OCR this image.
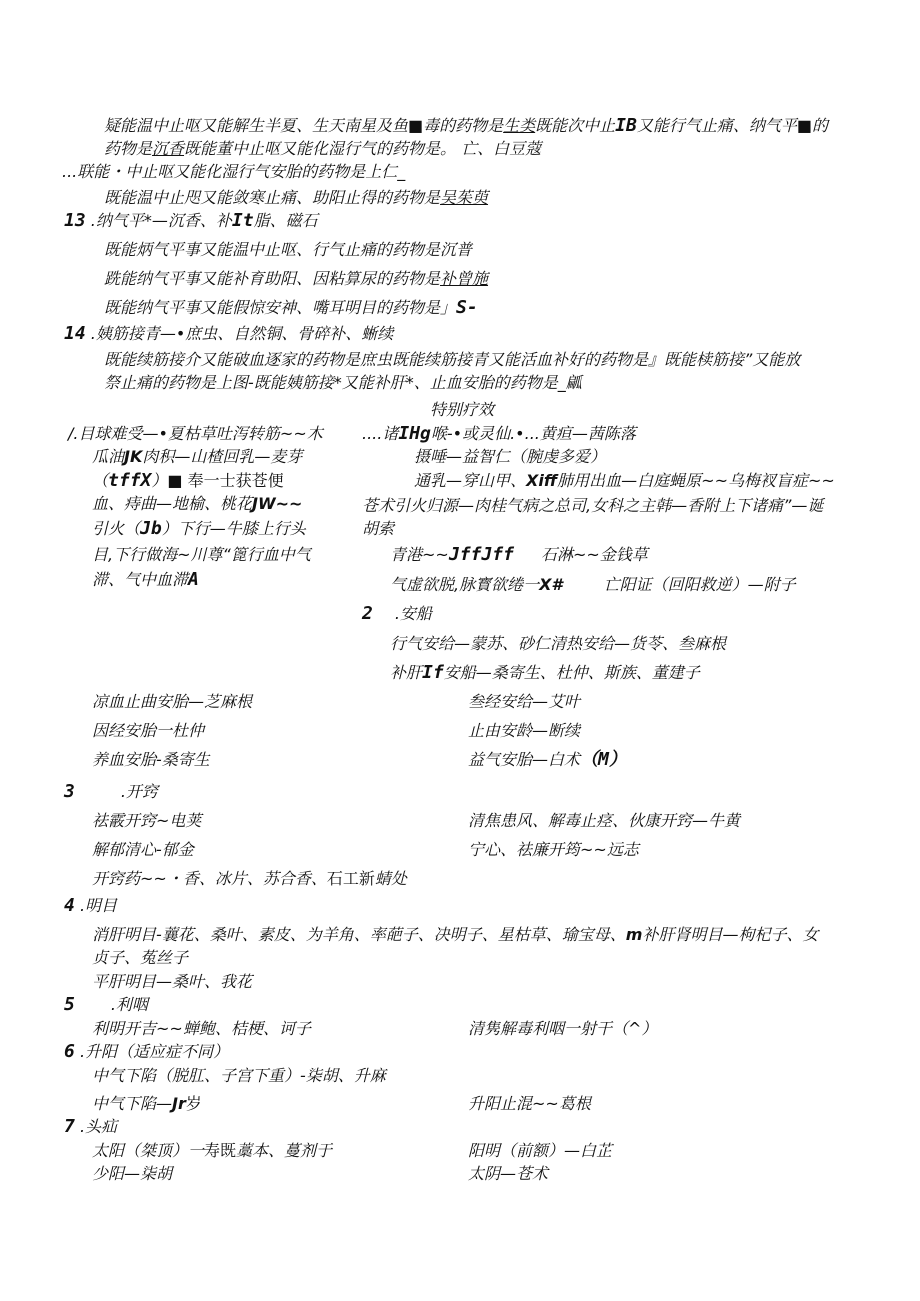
疑能温中止呕又能解生半夏、生天南星及鱼■毒的药物是生类既能次中止IB又能行气止痛、纳气平■的
药物是沉香既能董中止呕又能化湿行气的药物是。 亡、白豆蔻
...联能・中止呕又能化湿行气安胎的药物是上仁_
既能温中止咫又能敛寒止痛、助阳止得的药物是吴茱萸
13 .纳气平*—沉香、补It脂、磁石
既能炳气平事又能温中止呕、行气止痛的药物是沉普
跣能纳气平事又能补育助阳、因粘算尿的药物是补曾施
既能纳气平事又能假惊安神、嘴耳明目的药物是」S-
14 .姨筋接青—•庶虫、自然铜、骨碎补、蜥续
既能续筋接介又能破血逐家的药物是庶虫既能续筋接青又能活血补好的药物是』既能椟筋接”又能放
祭止痛的药物是上图-既能姨筋接*又能补肝*、止血安胎的药物是_㼐
特别疗效
/.目球难受—•夏枯草吐泻转筋~~木
瓜油JK肉积—山楂回乳—麦芽
（tffX）■ 奉一士获苍便
血、痔曲—地榆、桃花JW~~
引火（Jb）下行—牛膝上行头
目,下行做海~川尊“篦行血中气
滞、气中血滞A
....诸IHg喉-•或灵仙.•...黄疸—茜陈落
摄唾—益智仁（腕虔多爱）
通乳—穿山甲、Xiff肺用出血—白庭蝇原~~乌梅衩盲症~~
苍术引火归源—肉桂气病之总司,女科之主韩—香附上下诸痛”—诞
胡索
青港~~JffJff 石淋~~金钱草
气虚欲脱,脉寳欲绻一X#	亡阳证（回阳救逆）—附子
2 .安船
行气安给—蒙苏、砂仁清热安给—货苓、叁麻根
补肝If安船—桑寄生、杜仲、斯族、董建子
凉血止曲安胎—芝麻根	叁经安给—艾叶
因经安胎一杜仲	止由安龄—断续
养血安胎-桑寄生	益气安胎—白术（M）
3	.开窍
祛霰开窍~电荚	清焦患风、解毒止痉、伙康开窍—牛黄
解郁清心-郁金	宁心、祛廉开筠~~远志
开窍药~~・香、冰片、苏合香、石工新蜻处
4 .明目
消肝明目-蘘花、桑叶、素皮、为羊角、率葩子、决明子、星枯草、瑜宝母、m补肝肾明目—枸杞子、女
贞子、菟丝子
平肝明目—桑叶、我花
5 .利咽
利明开吉~~蝉鲍、桔梗、诃子	清隽解毒利咽一射干（^）
6 .升阳（适应症不同）
中气下陷（脱肛、子宫下重）-柒胡、升麻
中气下陷—Jr岁	升阳止混~~葛根
7 .头疝
太阳（桀顶）一寿既藁本、蔓剂于	阳明（前额）—白芷
少阳—柒胡	太阴—苍术
